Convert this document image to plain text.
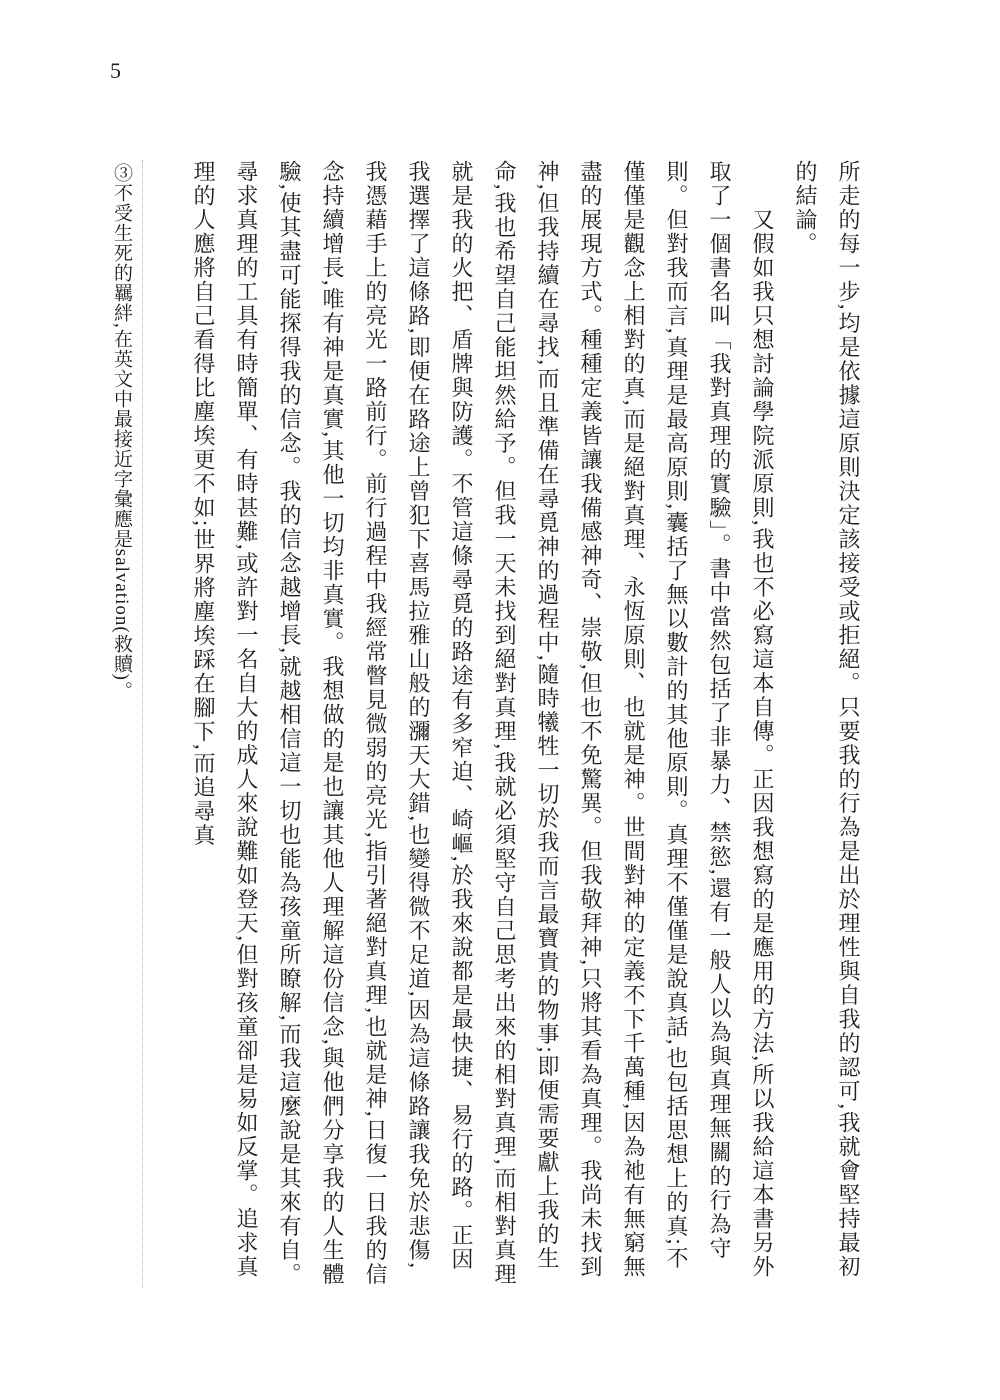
5

所走的每一步,均是依據這原則決定該接受或拒絕。只要我的行為是出於理性與自我的認可,我就會堅持最初的結論。

又假如我只想討論學院派原則,我也不必寫這本自傳。正因我想寫的是應用的方法,所以我給這本書另外取了一個書名叫「我對真理的實驗」。書中當然包括了非暴力、禁慾,還有一般人以為與真理無關的行為守則。但對我而言,真理是最高原則,囊括了無以數計的其他原則。真理不僅僅是說真話,也包括思想上的真;不僅僅是觀念上相對的真,而是絕對真理、永恆原則、也就是神。世間對神的定義不下千萬種,因為祂有無窮無盡的展現方式。種種定義皆讓我備感神奇、崇敬,但也不免驚異。但我敬拜神,只將其看為真理。我尚未找到神,但我持續在尋找,而且準備在尋覓神的過程中,隨時犧牲一切於我而言最寶貴的物事;即便需要獻上我的生命,我也希望自己能坦然給予。但我一天未找到絕對真理,我就必須堅守自己思考出來的相對真理,而相對真理就是我的火把、盾牌與防護。不管這條尋覓的路途有多窄迫、崎嶇,於我來說都是最快捷、易行的路。正因我選擇了這條路,即便在路途上曾犯下喜馬拉雅山般的瀰天大錯,也變得微不足道,因為這條路讓我免於悲傷,我憑藉手上的亮光一路前行。前行過程中我經常瞥見微弱的亮光,指引著絕對真理,也就是神,日復一日我的信念持續增長,唯有神是真實,其他一切均非真實。我想做的是也讓其他人理解這份信念,與他們分享我的人生體驗,使其盡可能探得我的信念。我的信念越增長,就越相信這一切也能為孩童所瞭解,而我這麼說是其來有自。尋求真理的工具有時簡單、有時甚難,或許對一名自大的成人來說難如登天,但對孩童卻是易如反掌。追求真理的人應將自己看得比塵埃更不如;世界將塵埃踩在腳下,而追尋真

③不受生死的羈絆,在英文中最接近字彙應是salvation(救贖)。
